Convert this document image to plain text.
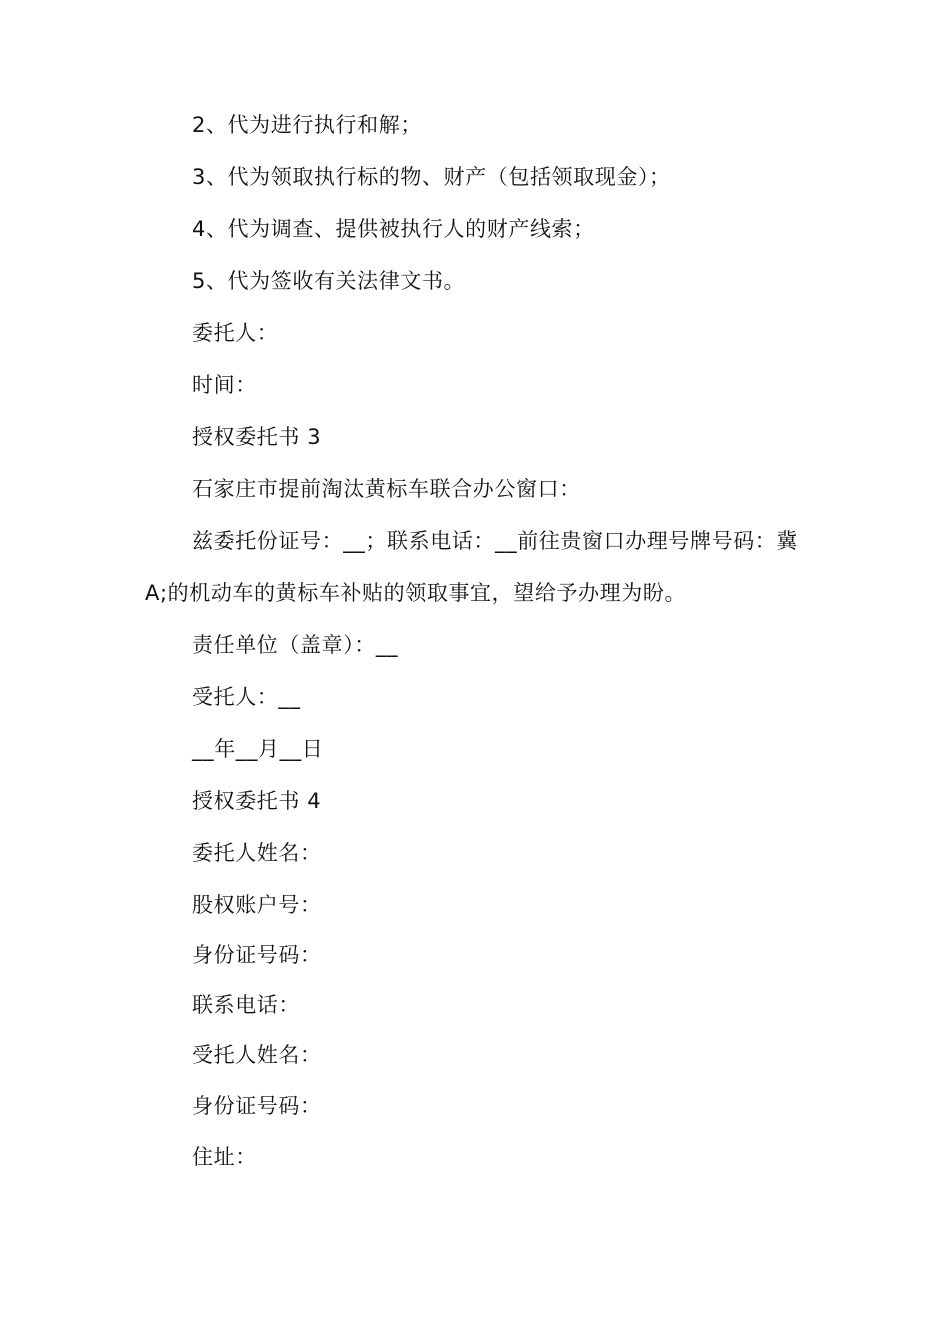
2、代为进行执行和解；
3、代为领取执行标的物、财产（包括领取现金）；
4、代为调查、提供被执行人的财产线索；
5、代为签收有关法律文书。
委托人：
时间：
授权委托书 3
石家庄市提前淘汰黄标车联合办公窗口：
兹委托份证号：__；联系电话：__前往贵窗口办理号牌号码：冀 A;的机动车的黄标车补贴的领取事宜，望给予办理为盼。
责任单位（盖章）：__
受托人：__
__年__月__日
授权委托书 4
委托人姓名：
股权账户号：
身份证号码：
联系电话：
受托人姓名：
身份证号码：
住址：
